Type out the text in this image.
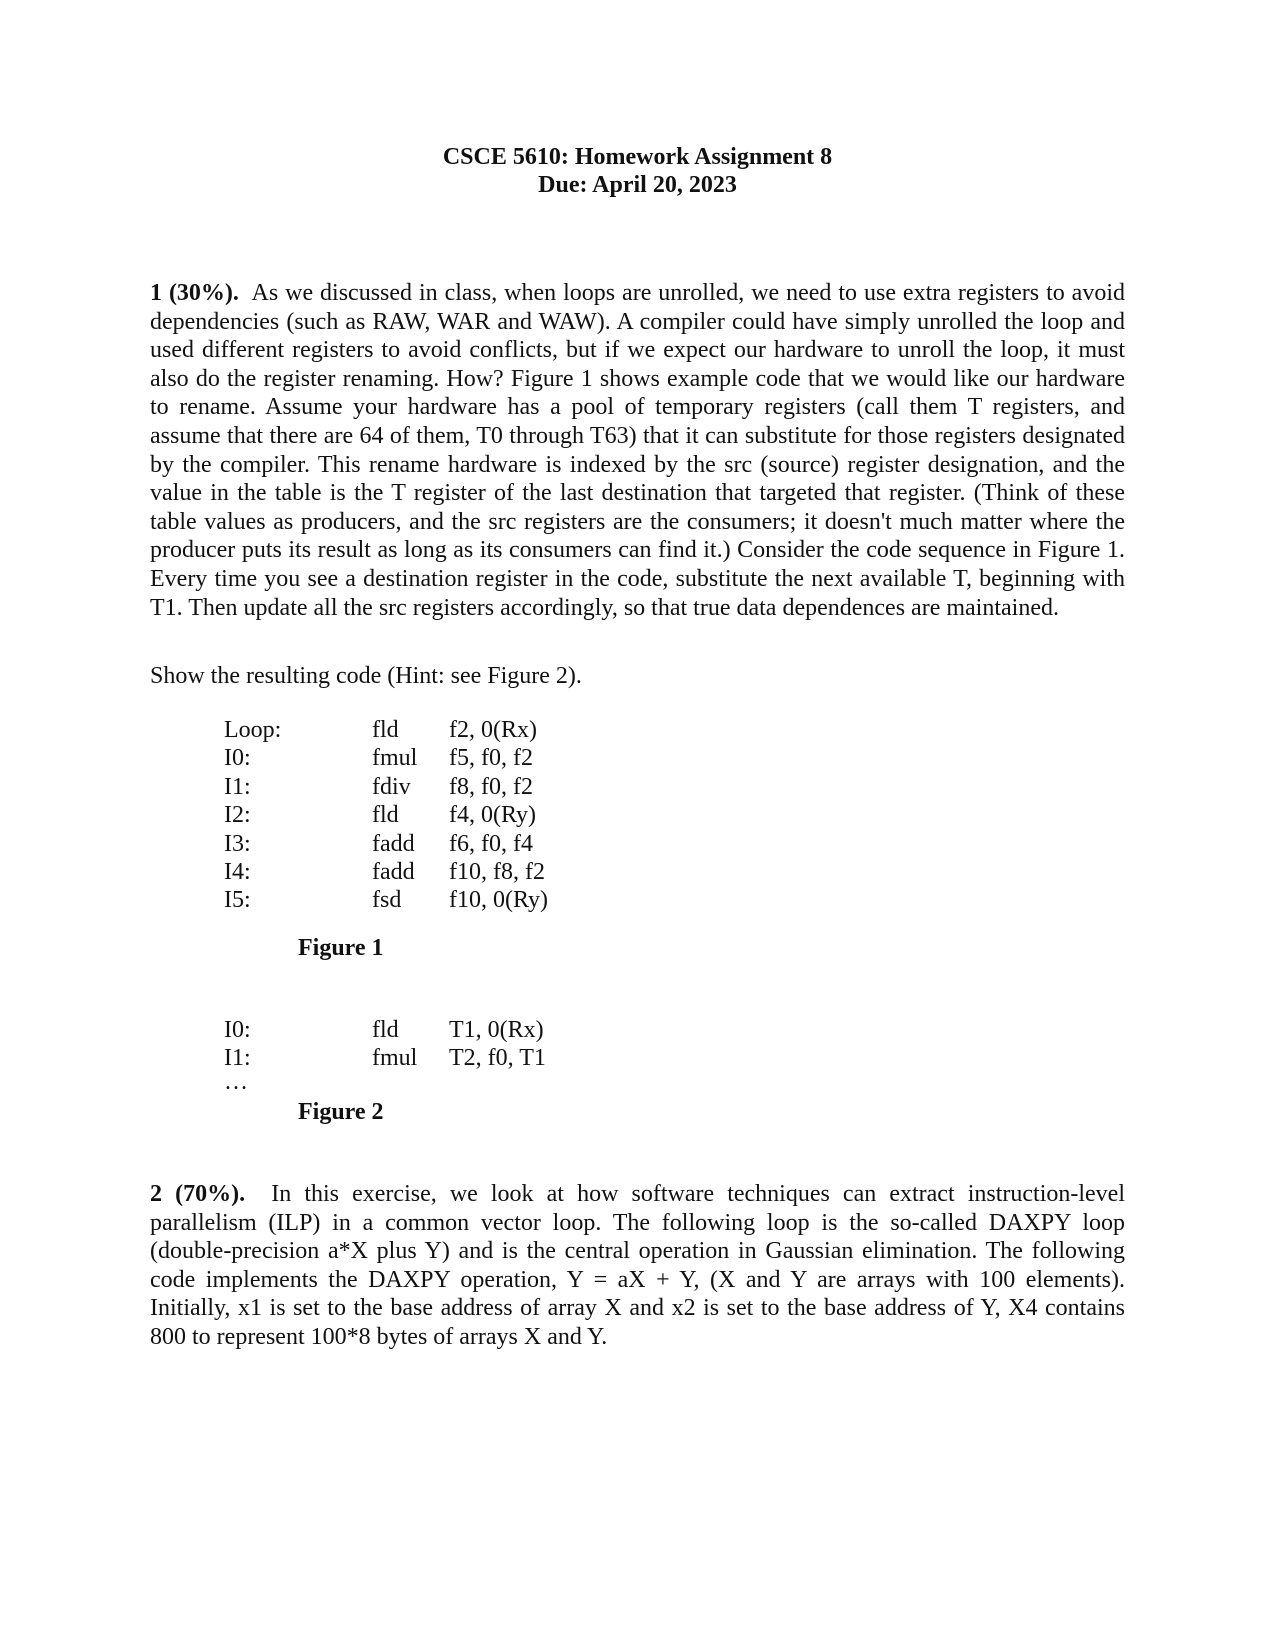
CSCE 5610: Homework Assignment 8
Due: April 20, 2023

1 (30%). As we discussed in class, when loops are unrolled, we need to use extra registers to avoid dependencies (such as RAW, WAR and WAW). A compiler could have simply unrolled the loop and used different registers to avoid conflicts, but if we expect our hardware to unroll the loop, it must also do the register renaming. How? Figure 1 shows example code that we would like our hardware to rename. Assume your hardware has a pool of temporary registers (call them T registers, and assume that there are 64 of them, T0 through T63) that it can substitute for those registers designated by the compiler. This rename hardware is indexed by the src (source) register designation, and the value in the table is the T register of the last destination that targeted that register. (Think of these table values as producers, and the src registers are the consumers; it doesn't much matter where the producer puts its result as long as its consumers can find it.) Consider the code sequence in Figure 1. Every time you see a destination register in the code, substitute the next available T, beginning with T1. Then update all the src registers accordingly, so that true data dependences are maintained.

Show the resulting code (Hint: see Figure 2).

Loop:	fld	f2, 0(Rx)
I0:	fmul	f5, f0, f2
I1:	fdiv	f8, f0, f2
I2:	fld	f4, 0(Ry)
I3:	fadd	f6, f0, f4
I4:	fadd	f10, f8, f2
I5:	fsd	f10, 0(Ry)
Figure 1
I0:	fld	T1, 0(Rx)
I1:	fmul	T2, f0, T1
…
Figure 2

2 (70%). In this exercise, we look at how software techniques can extract instruction-level parallelism (ILP) in a common vector loop. The following loop is the so-called DAXPY loop (double-precision a*X plus Y) and is the central operation in Gaussian elimination. The following code implements the DAXPY operation, Y = aX + Y, (X and Y are arrays with 100 elements). Initially, x1 is set to the base address of array X and x2 is set to the base address of Y, X4 contains 800 to represent 100*8 bytes of arrays X and Y.
